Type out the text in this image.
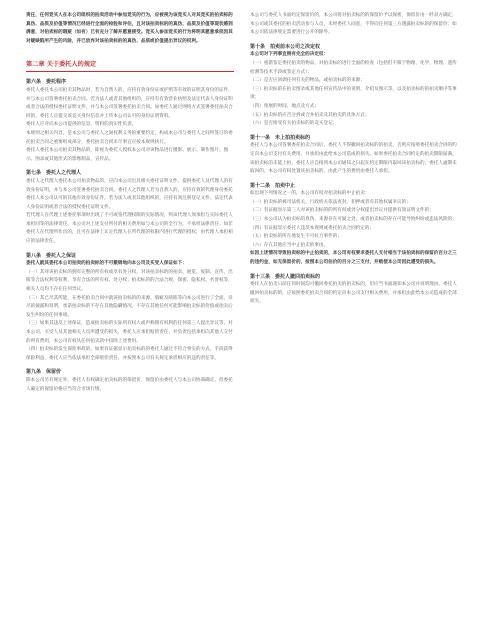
责任，任何竞买人在本公司组织的拍卖活动中参加竞买的行为，应被视为该竞买人对其竞买的拍卖标的真伪、品质及价值等情况已经进行全面的检验和评估，且对该拍卖标的的真伪、品质及价值等现状感到满意，对拍卖标的瑕疵（如有）已有充分了解并愿意接受。竞买人参加竞买的行为将明其愿意承担因其对疑缺陷所产生的风险，并已放弃对该拍卖标的的真伪、品质或价值提出异议的权利。

第二章 关于委托人的规定

第六条　委托程序

委托人委托本公司拍卖其物品时，若为自然人的，应持有效身份证或护照等有效的证明其身份的证件，并与本公司签署委托拍卖合同。若为法人或者其他组织的，应持有有效营业执照及法定代表人身份证明或者合法的授权委托证明文件，并与本公司签署委托拍卖合同。如委托人通过网络方式签署委托拍卖合同的，委托人应提交该竞买身份信息并上传本公司认可的身份证明资料。

委托人应对向本公司提供的信息、资料的真实性负责。

本规则之相关内容，是本公司与委托人之间权利义务的重要约定，构成本公司与委托人之间所签订的委托拍卖合同之重要组成部分，委托拍卖合同未尽事宜应按本规则执行。

委托人委托本公司拍卖其物品的，即视为委托人授权本公司对该物品进行摄影、展示、制作图片、图示、图录或其他形式的影像制品，宣传品。

第七条　委托人之代理人

委托人之代理人委托本公司拍卖物品的，应向本公司出具相关委托证明文件、提供委托人及代理人的有效身份证明，并与本公司签署委托拍卖合同。委托人之代理人若为自然人的，应持有效的代理身份委托委托人本公司认可的其他有效身份证件，若为法人或者其他组织的，应持有效注册登记文件、法定代表人身份证明或者合法的授权委托证明文件。

若代理人在代理上述委托事项时出现了不可或签代理权限的实际情况，则该代理人须承担与实际委托人承担同等的法律责任。本公司对上述支付所付的相关费用如与本公司的全行为，不承担法律责任；如非委托人在代理所作出的，且可在法律上认定代理人在所代理的权限内进行代理的授权，由代理人承担相应的法律责任。

第八条　委托人之保证

委托人就其委托本公司拍卖的拍卖标的不可撤销地向本公司及买受人保证如下：

（一）其对该拍卖标的拥有完整的所有权或享有处分权，对该拍卖标的的拍卖、展览、复制、宣传、出版等合法权利等权利，享有合法的所有权、处分权；拍卖标的的合法合规、保密、隐私权、名誉权等，相关人员均不存在任何异议。

（二）其已尽其所能，在委托拍卖合同中就该拍卖标的的来源、瑕疵及缺陷等向本公司进行了全面、详尽的披露和说明，承诺拍卖标的不存在其他隐瞒情况。不存在其他任何可能影响拍卖标的价值或拍卖后发生纠纷的任何事项。

（三）如果其违反上述保证，造成拍卖标的实际所有权人或声称拥有权利的任何第三人提出异议等，对本公司、买受人及其他相关人员所遭受的损失，委托人应承担赔偿责任，并负责包括承担向其他人交付的所有费用，本公司有权从任何拍卖款中扣除上述费用。

（四）拍卖标的发生保险事故的，如果有证据显示拍卖标的的委托人通过不符合事实的方式、手段获得保险利益，委托人应当依法承担全部赔偿责任，并按照本公司有关规定承担相应的违约责任等。

第九条　保留价

除本公司另有规定外，委托人有权确定拍卖标的的保留价，保留价由委托人与本公司协商确定，但委托人确定的保留价格应当符合市场行情。

本公司与委托人书面约定保留价的，本公司将对拍卖标的的保留价予以保密，保留价由一经双方确定，本公司或其委托的拍卖活动参与人员，未经委托人同意，不得向任何第三方透露拍卖标的的保留价；如本公司依法律规定需要进行公开的除外。

第十条　拍卖前本公司之决定权

本公司对下列事宜拥有完全的决定权：

（一）重新鉴定委托拍卖的物品，对拍卖标的进行全面的检查（包括但不限于物理、化学、物理、遗传检测等技术手段或鉴定方式）；

（二）是否应回调任何有关的物品，或拍卖标的的来源；

（三）拍卖标的在拍卖图录或其他任何宣传品中的说明、介绍及图示等，以及拍卖标的的拍卖顺序等事项；

（四）预展的时间、地点及方式；

（五）拍卖标的应否分拆或合并拍卖及其拍卖的具体方式；

（六）是否接受有关拍卖标的的竞买登记；

第十一条　未上拍拍卖标的

委托人与本公司签署委托拍卖合同后，委托人不得撤回拍卖标的的拍卖，否则应按照委托拍卖合同的约定向本公司支付有关费用，并承担由此给本公司造成的损失。如果委托拍卖合同约定的拍卖期限届满，该拍卖标的未能上拍，委托人应自接到本公司通知之日起在约定期限内取回该拍卖标的，委托人逾期未取回的，本公司有权处置该拍卖标的，由此产生的费用由委托人承担。

第十二条　拍卖中止

如出现下列情况之一的，本公司有权对拍卖标的中止拍卖：

（一）拍卖标的被司法机关、行政机关依法查封、扣押或者有其他权属争议的；

（二）有证据显示第三人对该拍卖标的的所有权或处分权提出异议并提供有效证明文件的；

（三）本公司认为拍卖标的真伪、来源存在可疑之处，或者拍卖标的存在可能导致纠纷或违法风险的；

（四）有证据显示委托人违反本规则或委托拍卖合同约定的；

（五）拍卖标的所在地发生不可抗力事件的；

（六）存在其他应当中止拍卖的事由。

如因上述情况导致拍卖标的中止拍卖的，本公司有权要求委托人支付相当于该拍卖标的保留价百分之三的违约金，如无保留价的，按照本公司估价的百分之三支付，并赔偿本公司因此遭受的损失。

第十三条　委托人撤回拍卖标的

委托人在拍卖日前任何时间均可撤回委托拍卖的拍卖标的，但应当书面通知本公司并说明理由。委托人撤回拍卖标的的，应按照委托拍卖合同的约定向本公司支付相关费用，并承担由此给本公司造成的全部损失。
